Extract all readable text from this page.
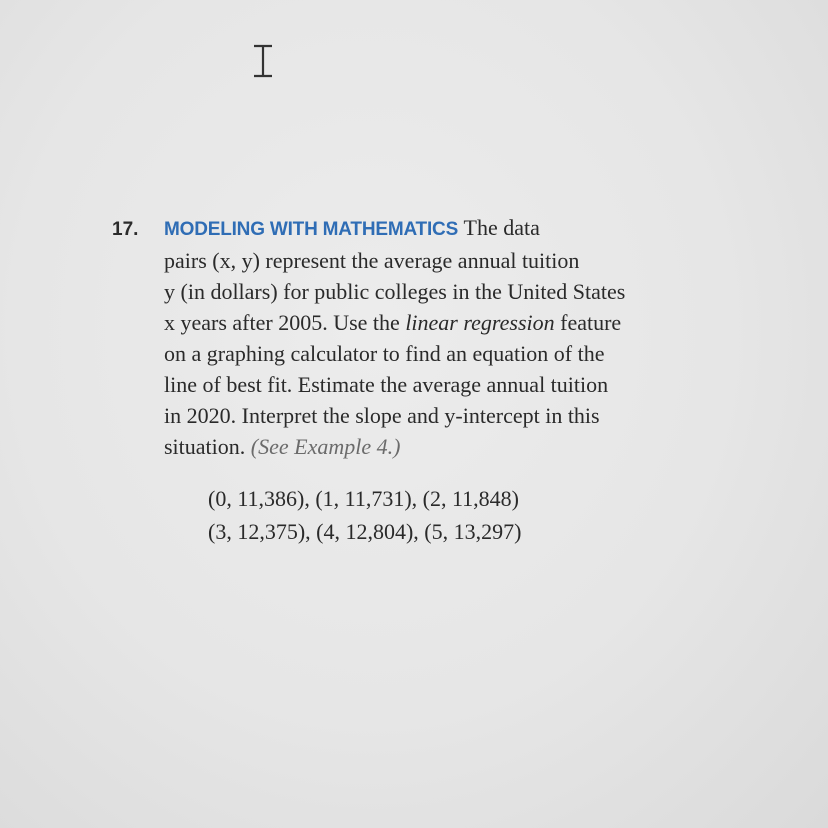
17. MODELING WITH MATHEMATICS The data
pairs (x, y) represent the average annual tuition
y (in dollars) for public colleges in the United States
x years after 2005. Use the linear regression feature
on a graphing calculator to find an equation of the
line of best fit. Estimate the average annual tuition
in 2020. Interpret the slope and y-intercept in this
situation. (See Example 4.)
(0, 11,386), (1, 11,731), (2, 11,848)
(3, 12,375), (4, 12,804), (5, 13,297)
